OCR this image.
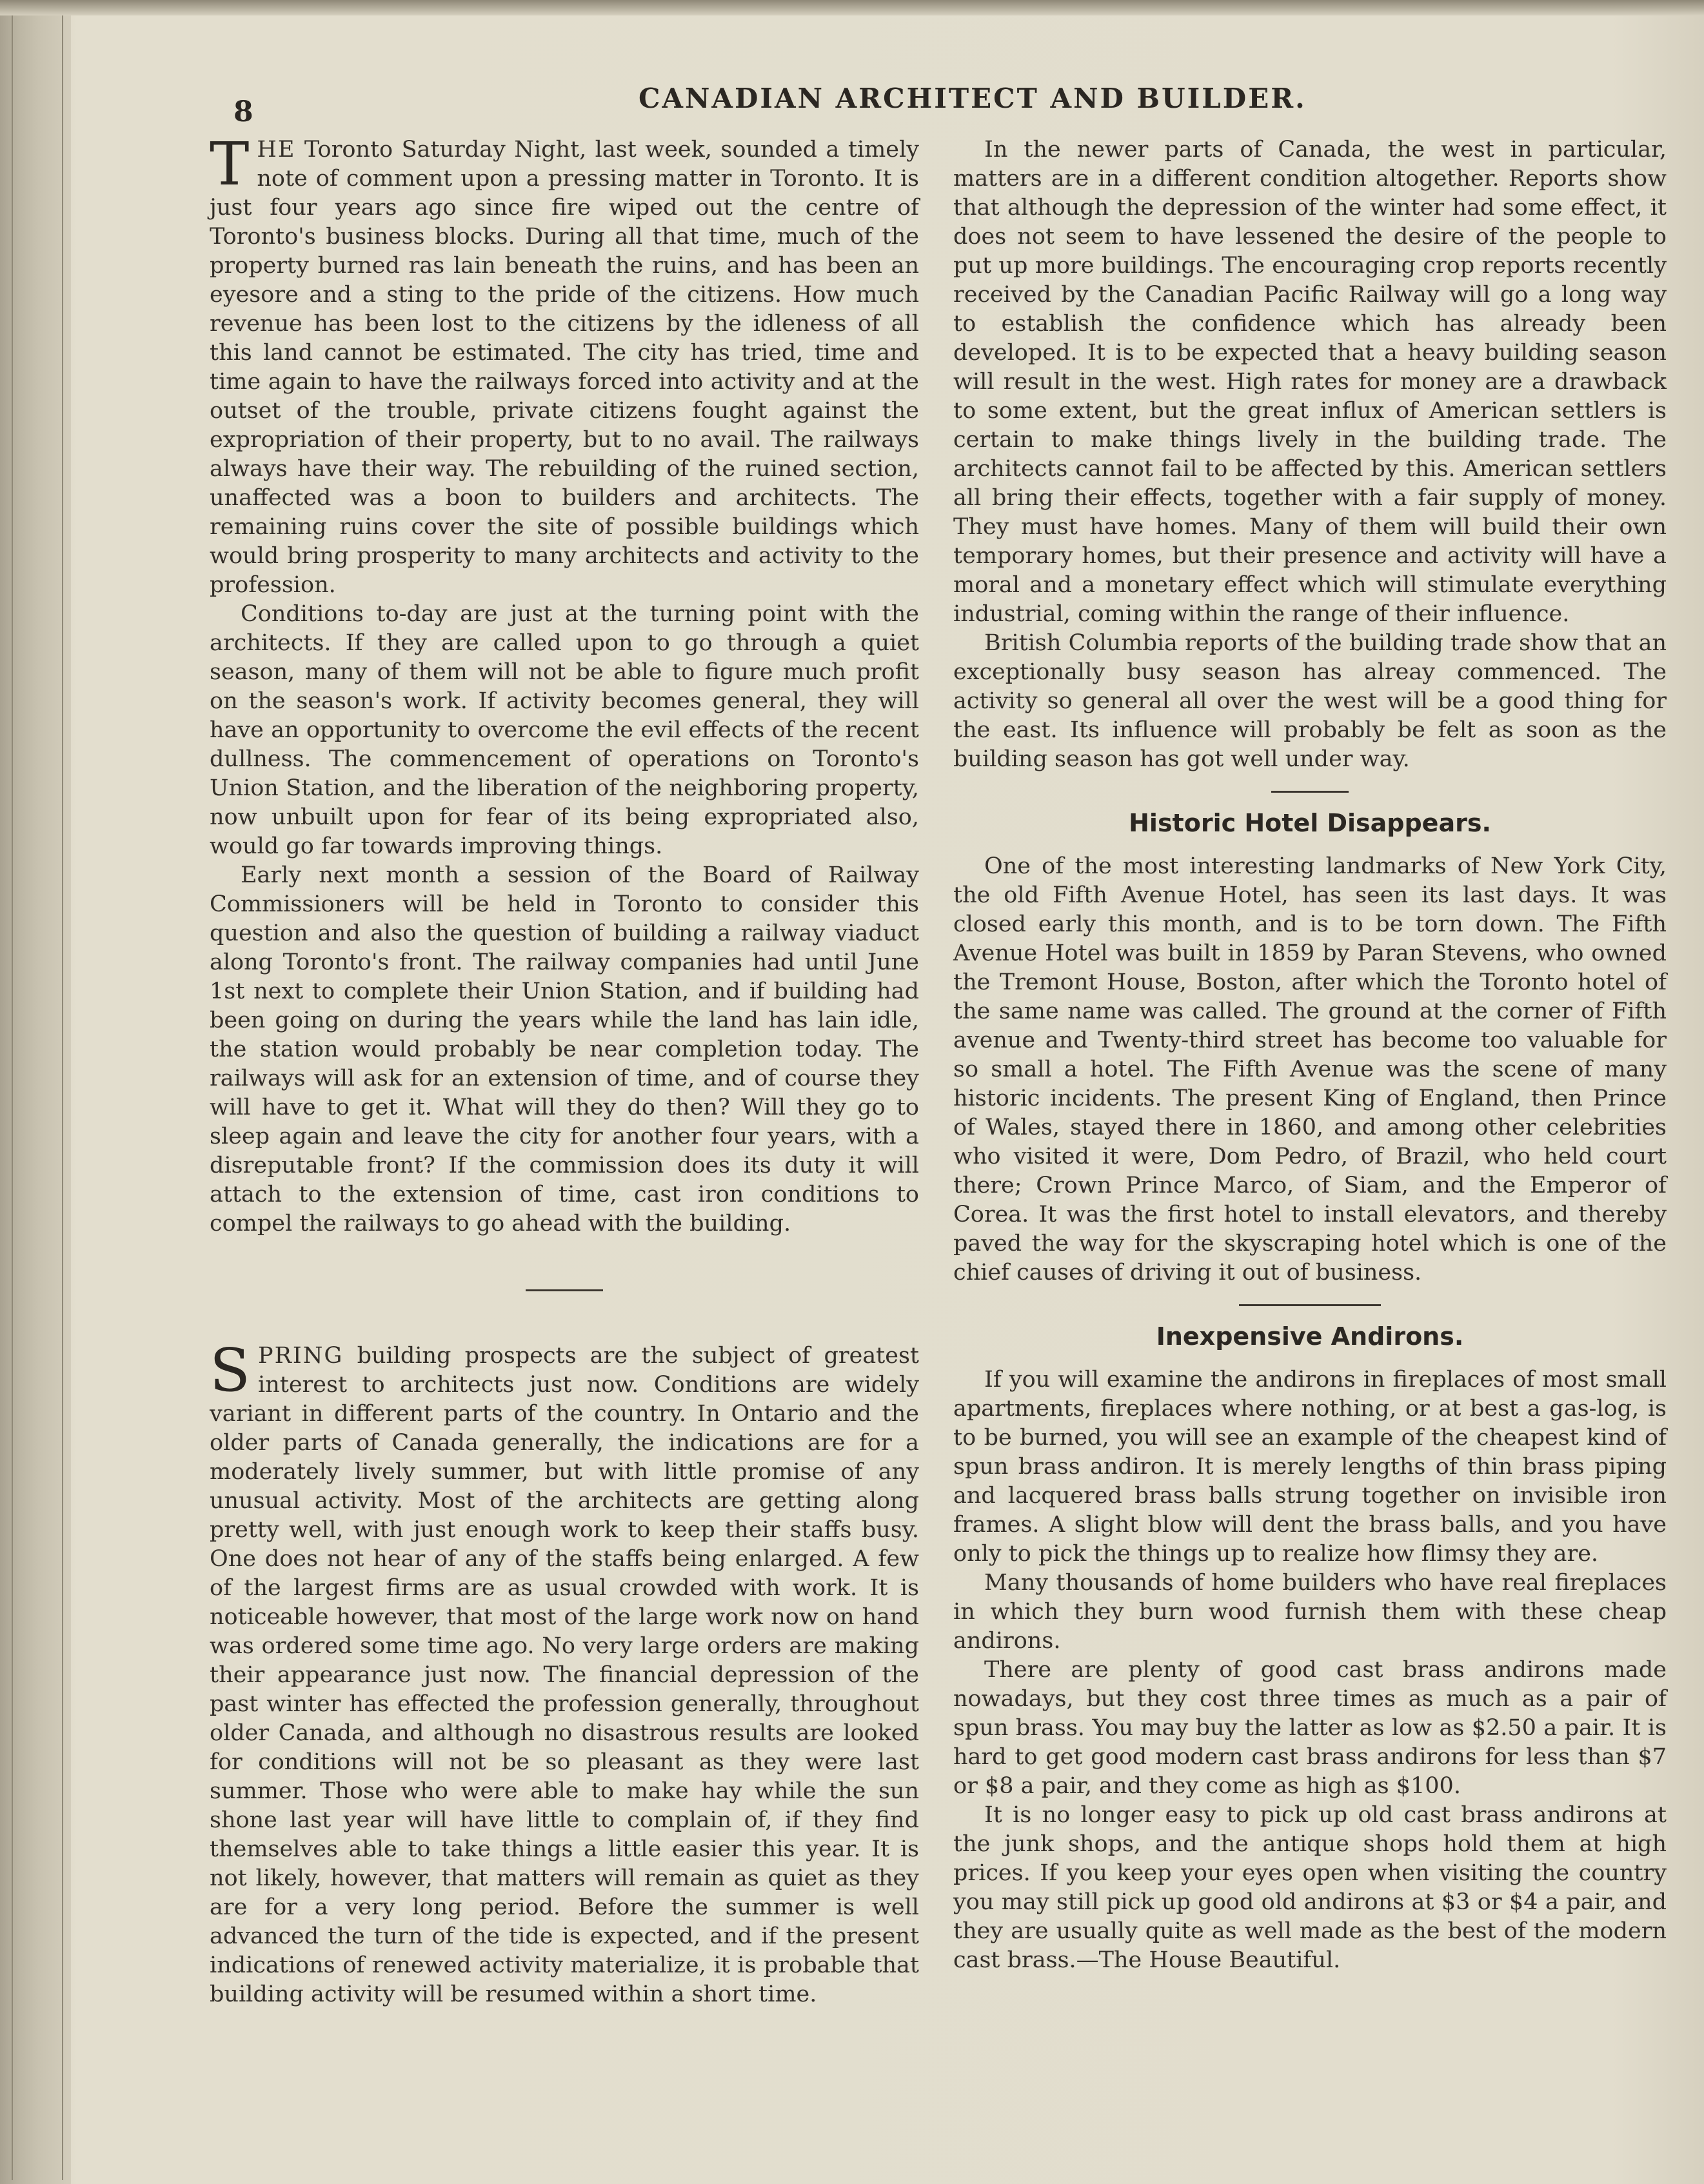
8	CANADIAN ARCHITECT AND BUILDER.

THE Toronto Saturday Night, last week, sounded a timely note of comment upon a pressing matter in Toronto. It is just four years ago since fire wiped out the centre of Toronto's business blocks. During all that time, much of the property burned ras lain beneath the ruins, and has been an eyesore and a sting to the pride of the citizens. How much revenue has been lost to the citizens by the idleness of all this land cannot be estimated. The city has tried, time and time again to have the railways forced into activity and at the outset of the trouble, private citizens fought against the expropriation of their property, but to no avail. The railways always have their way. The rebuilding of the ruined section, unaffected was a boon to builders and architects. The remaining ruins cover the site of possible buildings which would bring prosperity to many architects and activity to the profession.

Conditions to-day are just at the turning point with the architects. If they are called upon to go through a quiet season, many of them will not be able to figure much profit on the season's work. If activity becomes general, they will have an opportunity to overcome the evil effects of the recent dullness. The commencement of operations on Toronto's Union Station, and the liberation of the neighboring property, now unbuilt upon for fear of its being expropriated also, would go far towards improving things.

Early next month a session of the Board of Railway Commissioners will be held in Toronto to consider this question and also the question of building a railway viaduct along Toronto's front. The railway companies had until June 1st next to complete their Union Station, and if building had been going on during the years while the land has lain idle, the station would probably be near completion today. The railways will ask for an extension of time, and of course they will have to get it. What will they do then? Will they go to sleep again and leave the city for another four years, with a disreputable front? If the commission does its duty it will attach to the extension of time, cast iron conditions to compel the railways to go ahead with the building.

SPRING building prospects are the subject of greatest interest to architects just now. Conditions are widely variant in different parts of the country. In Ontario and the older parts of Canada generally, the indications are for a moderately lively summer, but with little promise of any unusual activity. Most of the architects are getting along pretty well, with just enough work to keep their staffs busy. One does not hear of any of the staffs being enlarged. A few of the largest firms are as usual crowded with work. It is noticeable however, that most of the large work now on hand was ordered some time ago. No very large orders are making their appearance just now. The financial depression of the past winter has effected the profession generally, throughout older Canada, and although no disastrous results are looked for conditions will not be so pleasant as they were last summer. Those who were able to make hay while the sun shone last year will have little to complain of, if they find themselves able to take things a little easier this year. It is not likely, however, that matters will remain as quiet as they are for a very long period. Before the summer is well advanced the turn of the tide is expected, and if the present indications of renewed activity materialize, it is probable that building activity will be resumed within a short time.

In the newer parts of Canada, the west in particular, matters are in a different condition altogether. Reports show that although the depression of the winter had some effect, it does not seem to have lessened the desire of the people to put up more buildings. The encouraging crop reports recently received by the Canadian Pacific Railway will go a long way to establish the confidence which has already been developed. It is to be expected that a heavy building season will result in the west. High rates for money are a drawback to some extent, but the great influx of American settlers is certain to make things lively in the building trade. The architects cannot fail to be affected by this. American settlers all bring their effects, together with a fair supply of money. They must have homes. Many of them will build their own temporary homes, but their presence and activity will have a moral and a monetary effect which will stimulate everything industrial, coming within the range of their influence.

British Columbia reports of the building trade show that an exceptionally busy season has alreay commenced. The activity so general all over the west will be a good thing for the east. Its influence will probably be felt as soon as the building season has got well under way.

Historic Hotel Disappears.

One of the most interesting landmarks of New York City, the old Fifth Avenue Hotel, has seen its last days. It was closed early this month, and is to be torn down. The Fifth Avenue Hotel was built in 1859 by Paran Stevens, who owned the Tremont House, Boston, after which the Toronto hotel of the same name was called. The ground at the corner of Fifth avenue and Twenty-third street has become too valuable for so small a hotel. The Fifth Avenue was the scene of many historic incidents. The present King of England, then Prince of Wales, stayed there in 1860, and among other celebrities who visited it were, Dom Pedro, of Brazil, who held court there; Crown Prince Marco, of Siam, and the Emperor of Corea. It was the first hotel to install elevators, and thereby paved the way for the skyscraping hotel which is one of the chief causes of driving it out of business.

Inexpensive Andirons.

If you will examine the andirons in fireplaces of most small apartments, fireplaces where nothing, or at best a gas-log, is to be burned, you will see an example of the cheapest kind of spun brass andiron. It is merely lengths of thin brass piping and lacquered brass balls strung together on invisible iron frames. A slight blow will dent the brass balls, and you have only to pick the things up to realize how flimsy they are.

Many thousands of home builders who have real fireplaces in which they burn wood furnish them with these cheap andirons.

There are plenty of good cast brass andirons made nowadays, but they cost three times as much as a pair of spun brass. You may buy the latter as low as $2.50 a pair. It is hard to get good modern cast brass andirons for less than $7 or $8 a pair, and they come as high as $100.

It is no longer easy to pick up old cast brass andirons at the junk shops, and the antique shops hold them at high prices. If you keep your eyes open when visiting the country you may still pick up good old andirons at $3 or $4 a pair, and they are usually quite as well made as the best of the modern cast brass.—The House Beautiful.
